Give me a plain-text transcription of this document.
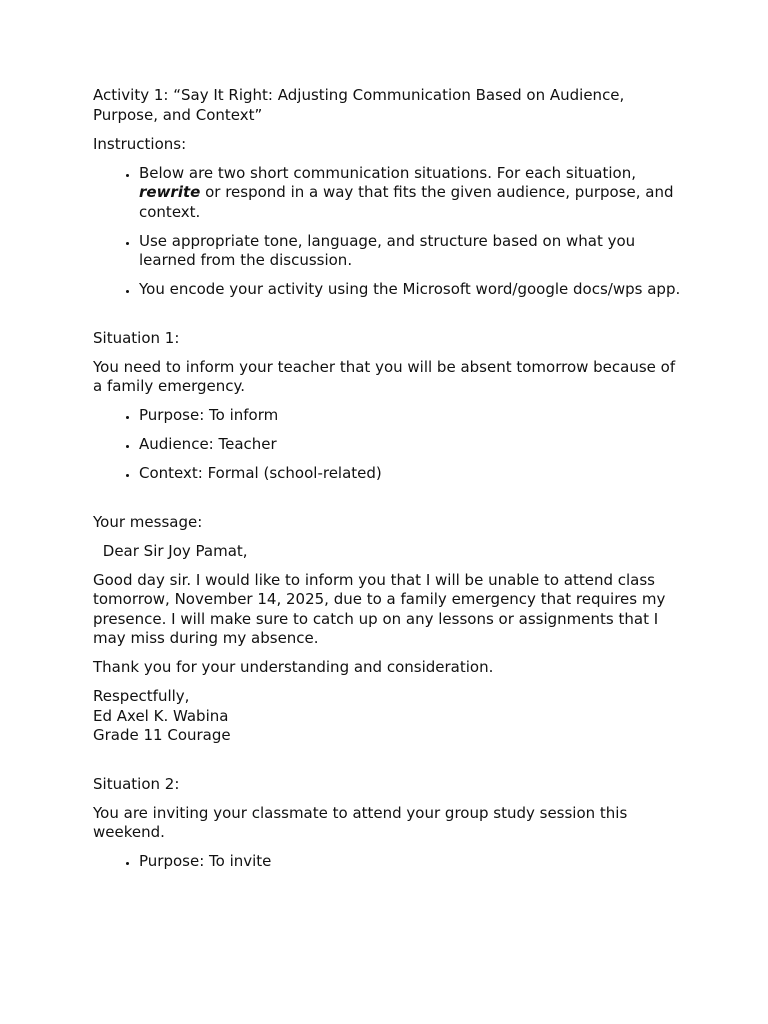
Activity 1: “Say It Right: Adjusting Communication Based on Audience, Purpose, and Context”

Instructions:

• Below are two short communication situations. For each situation, rewrite or respond in a way that fits the given audience, purpose, and context.
• Use appropriate tone, language, and structure based on what you learned from the discussion.
• You encode your activity using the Microsoft word/google docs/wps app.

Situation 1:

You need to inform your teacher that you will be absent tomorrow because of a family emergency.

• Purpose: To inform
• Audience: Teacher
• Context: Formal (school-related)

Your message:

Dear Sir Joy Pamat,

Good day sir. I would like to inform you that I will be unable to attend class tomorrow, November 14, 2025, due to a family emergency that requires my presence. I will make sure to catch up on any lessons or assignments that I may miss during my absence.

Thank you for your understanding and consideration.

Respectfully,
Ed Axel K. Wabina
Grade 11 Courage

Situation 2:

You are inviting your classmate to attend your group study session this weekend.

• Purpose: To invite
